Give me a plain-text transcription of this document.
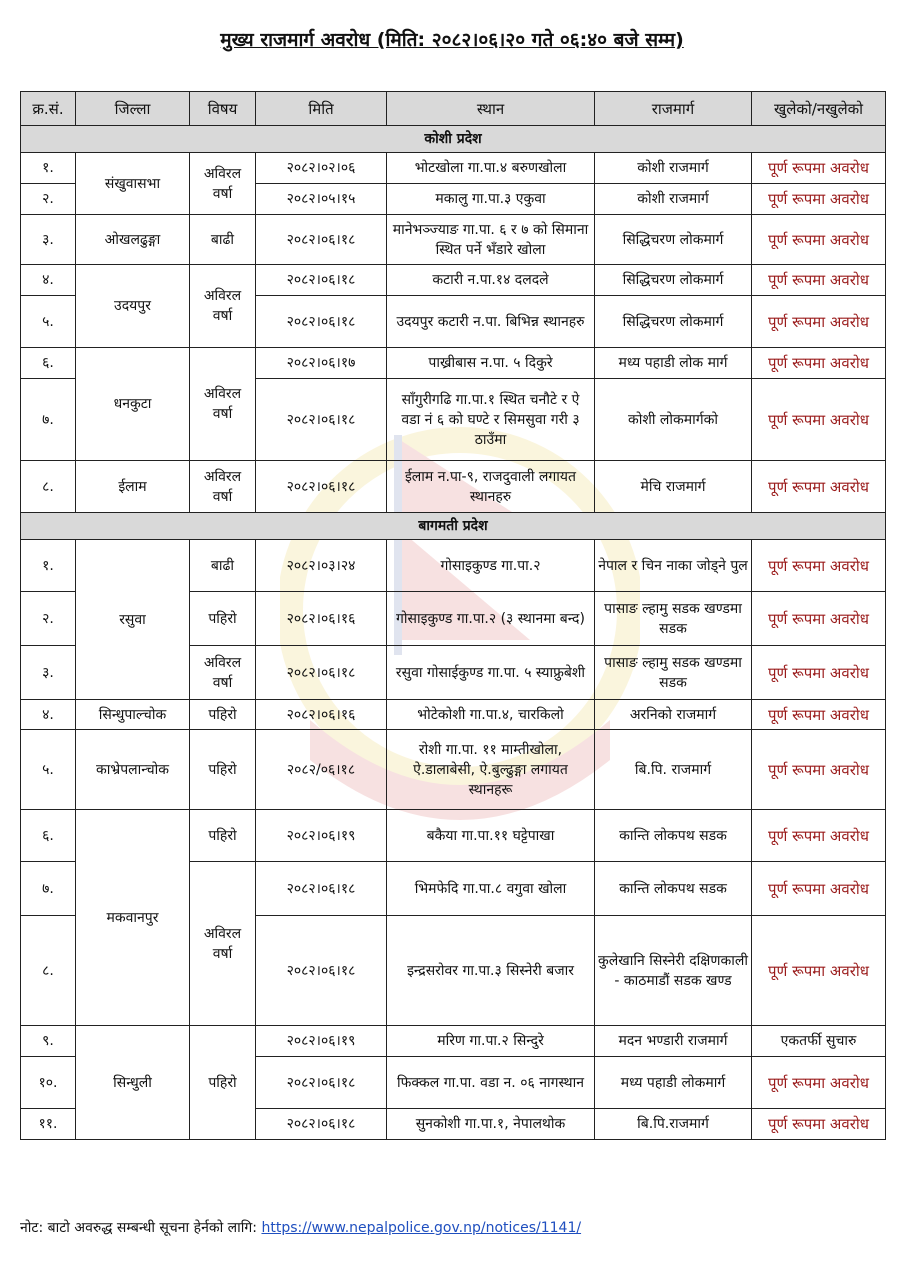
मुख्य राजमार्ग अवरोध (मिति: २०८२।०६।२० गते ०६:४० बजे सम्म)
क्र.सं.	जिल्ला	विषय	मिति	स्थान	राजमार्ग	खुलेको/नखुलेको
कोशी प्रदेश						
१.	संखुवासभा	अविरल वर्षा	२०८२।०२।०६	भोटखोला गा.पा.४ बरुणखोला	कोशी राजमार्ग	पूर्ण रूपमा अवरोध
२.			२०८२।०५।१५	मकालु गा.पा.३ एकुवा	कोशी राजमार्ग	पूर्ण रूपमा अवरोध
३.	ओखलढुङ्गा	बाढी	२०८२।०६।१८	मानेभञ्ज्याङ गा.पा. ६ र ७ को सिमाना स्थित पर्ने भँडारे खोला	सिद्धिचरण लोकमार्ग	पूर्ण रूपमा अवरोध
४.	उदयपुर	अविरल वर्षा	२०८२।०६।१८	कटारी न.पा.१४ दलदले	सिद्धिचरण लोकमार्ग	पूर्ण रूपमा अवरोध
५.			२०८२।०६।१८	उदयपुर कटारी न.पा. बिभिन्न स्थानहरु	सिद्धिचरण लोकमार्ग	पूर्ण रूपमा अवरोध
६.	धनकुटा	अविरल वर्षा	२०८२।०६।१७	पाख्रीबास न.पा. ५ दिकुरे	मध्य पहाडी लोक मार्ग	पूर्ण रूपमा अवरोध
७.			२०८२।०६।१८	साँगुरीगढि गा.पा.१ स्थित चनौटे र ऐ वडा नं ६ को घण्टे र सिमसुवा गरी ३ ठाउँमा	कोशी लोकमार्गको	पूर्ण रूपमा अवरोध
८.	ईलाम	अविरल वर्षा	२०८२।०६।१८	ईलाम न.पा-९, राजदुवाली लगायत स्थानहरु	मेचि राजमार्ग	पूर्ण रूपमा अवरोध
बागमती प्रदेश						
१.	रसुवा	बाढी	२०८२।०३।२४	गोसाइकुण्ड गा.पा.२	नेपाल र चिन नाका जोड्ने पुल	पूर्ण रूपमा अवरोध
२.		पहिरो	२०८२।०६।१६	गोसाइकुण्ड गा.पा.२ (३ स्थानमा बन्द)	पासाङ ल्हामु सडक खण्डमा सडक	पूर्ण रूपमा अवरोध
३.		अविरल वर्षा	२०८२।०६।१८	रसुवा गोसाईकुण्ड गा.पा. ५ स्याफ्रुबेशी	पासाङ ल्हामु सडक खण्डमा सडक	पूर्ण रूपमा अवरोध
४.	सिन्धुपाल्चोक	पहिरो	२०८२।०६।१६	भोटेकोशी गा.पा.४, चारकिलो	अरनिको राजमार्ग	पूर्ण रूपमा अवरोध
५.	काभ्रेपलान्चोक	पहिरो	२०८२/०६।१८	रोशी गा.पा. ११ माम्तीखोला, ऐ.डालाबेसी, ऐ.बुल्ढुङ्गा लगायत स्थानहरू	बि.पि. राजमार्ग	पूर्ण रूपमा अवरोध
६.	मकवानपुर	पहिरो	२०८२।०६।१९	बकैया गा.पा.११ घट्टेपाखा	कान्ति लोकपथ सडक	पूर्ण रूपमा अवरोध
७.		अविरल वर्षा	२०८२।०६।१८	भिमफेदि गा.पा.८ वगुवा खोला	कान्ति लोकपथ सडक	पूर्ण रूपमा अवरोध
८.			२०८२।०६।१८	इन्द्रसरोवर गा.पा.३ सिस्नेरी बजार	कुलेखानि सिस्नेरी दक्षिणकाली - काठमाडौं सडक खण्ड	पूर्ण रूपमा अवरोध
९.	सिन्धुली	पहिरो	२०८२।०६।१९	मरिण गा.पा.२ सिन्दुरे	मदन भण्डारी राजमार्ग	एकतर्फी सुचारु
१०.			२०८२।०६।१८	फिक्कल गा.पा. वडा न. ०६ नागस्थान	मध्य पहाडी लोकमार्ग	पूर्ण रूपमा अवरोध
११.			२०८२।०६।१८	सुनकोशी गा.पा.१, नेपालथोक	बि.पि.राजमार्ग	पूर्ण रूपमा अवरोध
नोट: बाटो अवरुद्ध सम्बन्धी सूचना हेर्नको लागि: https://www.nepalpolice.gov.np/notices/1141/
